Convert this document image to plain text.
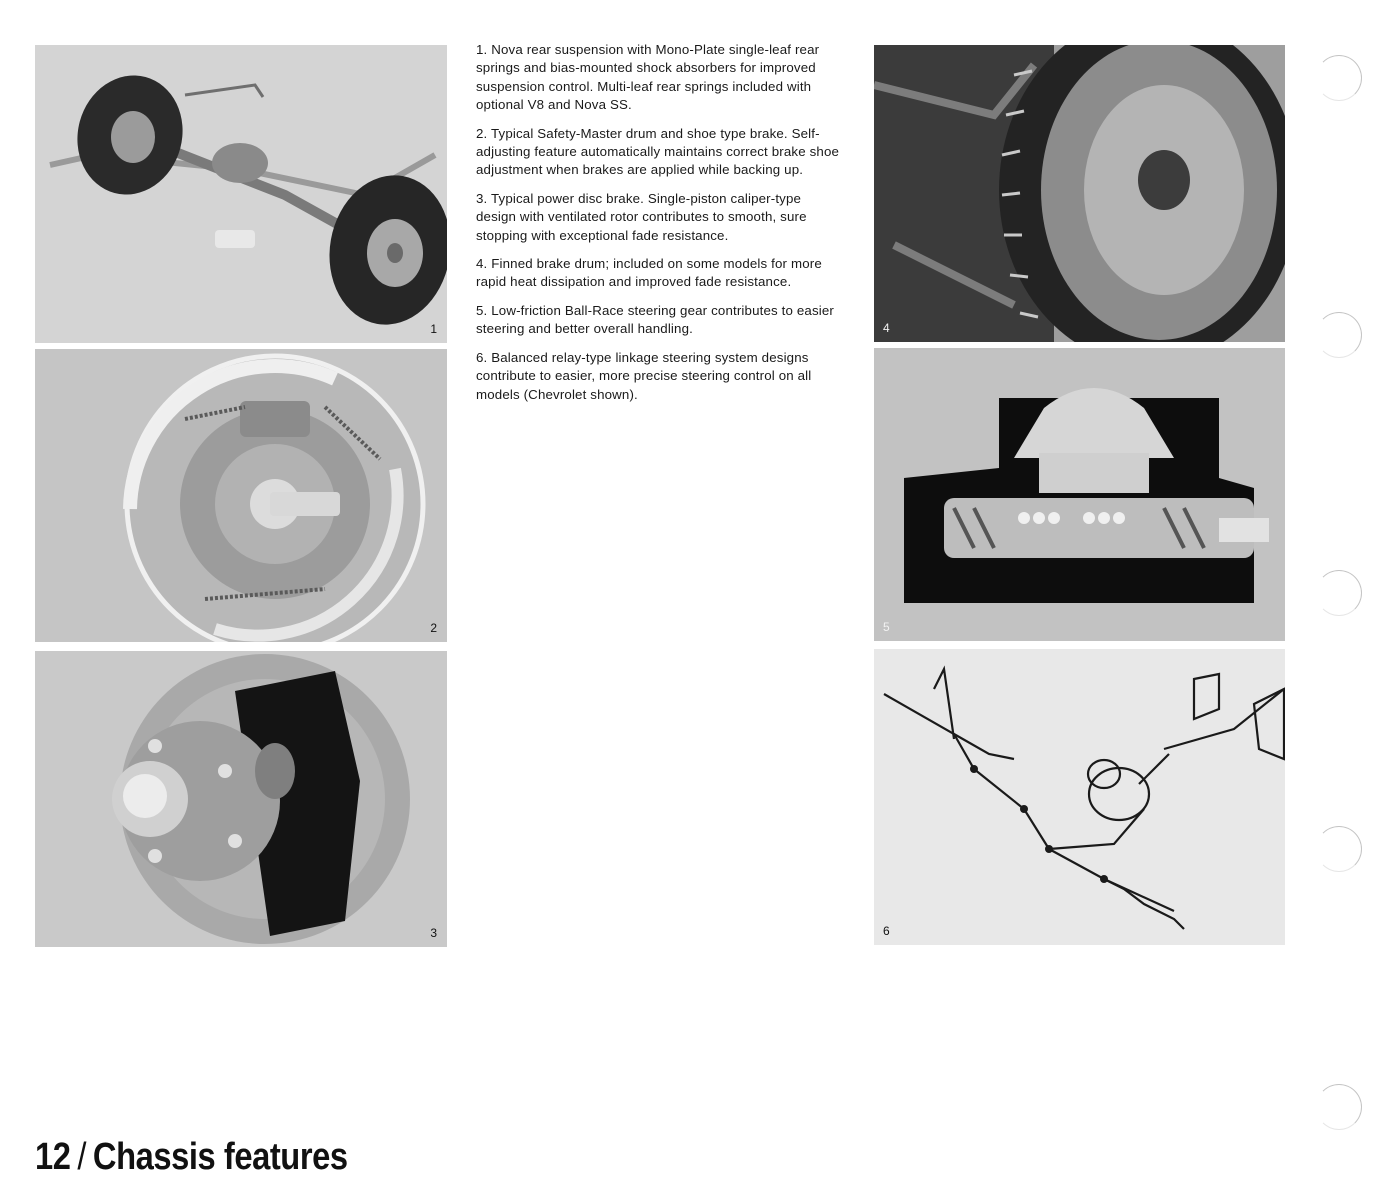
1
2
3

1. Nova rear suspension with Mono-Plate single-leaf rear springs and bias-mounted shock absorbers for improved suspension control. Multi-leaf rear springs included with optional V8 and Nova SS.

2. Typical Safety-Master drum and shoe type brake. Self-adjusting feature automatically maintains correct brake shoe adjustment when brakes are applied while backing up.

3. Typical power disc brake. Single-piston caliper-type design with ventilated rotor contributes to smooth, sure stopping with exceptional fade resistance.

4. Finned brake drum; included on some models for more rapid heat dissipation and improved fade resistance.

5. Low-friction Ball-Race steering gear contributes to easier steering and better overall handling.

6. Balanced relay-type linkage steering system designs contribute to easier, more precise steering control on all models (Chevrolet shown).

4
5
6
12 / Chassis features
